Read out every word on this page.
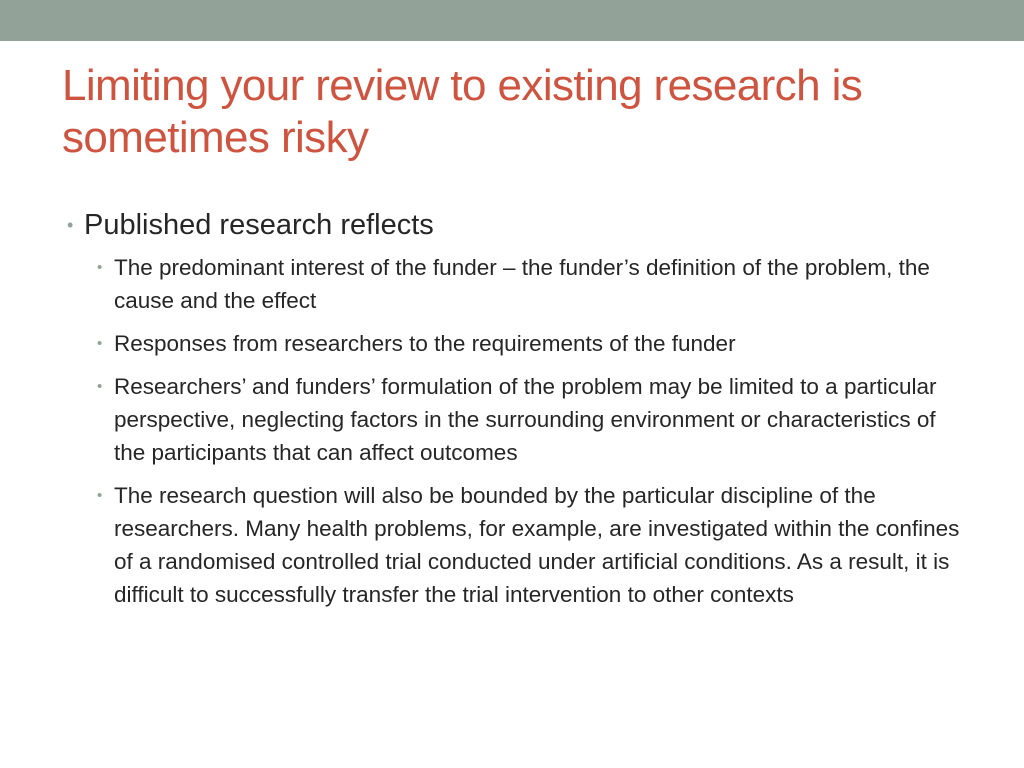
Limiting your review to existing research is sometimes risky
• Published research reflects
• The predominant interest of the funder – the funder’s definition of the problem, the cause and the effect
• Responses from researchers to the requirements of the funder
• Researchers’ and funders’ formulation of the problem may be limited to a particular perspective, neglecting factors in the surrounding environment or characteristics of the participants that can affect outcomes
• The research question will also be bounded by the particular discipline of the researchers. Many health problems, for example, are investigated within the confines of a randomised controlled trial conducted under artificial conditions. As a result, it is difficult to successfully transfer the trial intervention to other contexts
